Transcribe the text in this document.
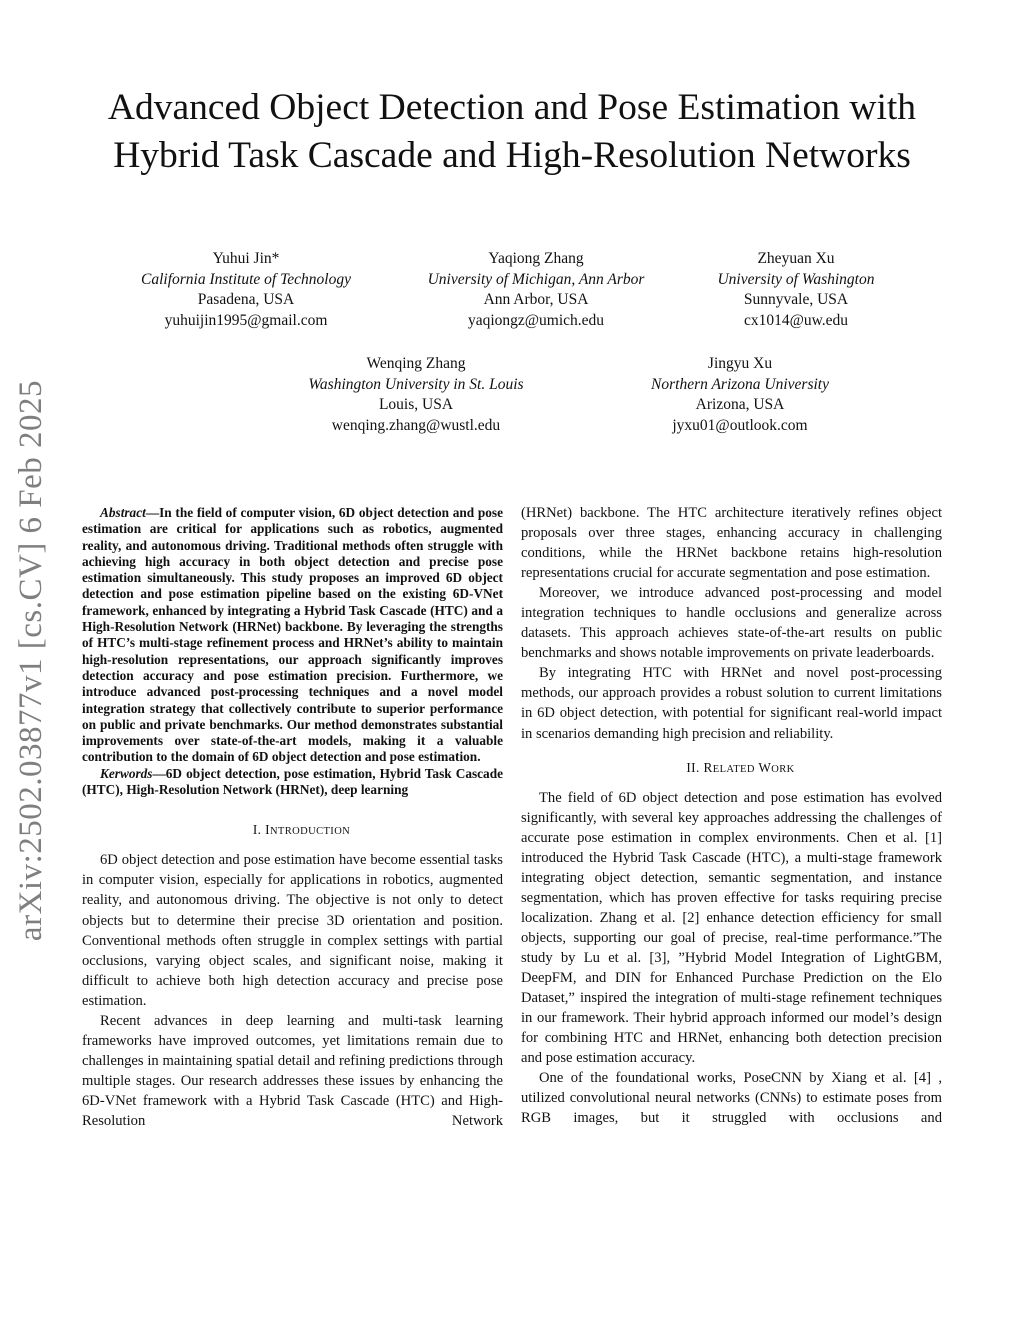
arXiv:2502.03877v1 [cs.CV] 6 Feb 2025
Advanced Object Detection and Pose Estimation with Hybrid Task Cascade and High-Resolution Networks
Yuhui Jin*
California Institute of Technology
Pasadena, USA
yuhuijin1995@gmail.com
Yaqiong Zhang
University of Michigan, Ann Arbor
Ann Arbor, USA
yaqiongz@umich.edu
Zheyuan Xu
University of Washington
Sunnyvale, USA
cx1014@uw.edu
Wenqing Zhang
Washington University in St. Louis
Louis, USA
wenqing.zhang@wustl.edu
Jingyu Xu
Northern Arizona University
Arizona, USA
jyxu01@outlook.com

Abstract—In the field of computer vision, 6D object detection and pose estimation are critical for applications such as robotics, augmented reality, and autonomous driving. Traditional methods often struggle with achieving high accuracy in both object detection and precise pose estimation simultaneously. This study proposes an improved 6D object detection and pose estimation pipeline based on the existing 6D-VNet framework, enhanced by integrating a Hybrid Task Cascade (HTC) and a High-Resolution Network (HRNet) backbone. By leveraging the strengths of HTC’s multi-stage refinement process and HRNet’s ability to maintain high-resolution representations, our approach significantly improves detection accuracy and pose estimation precision. Furthermore, we introduce advanced post-processing techniques and a novel model integration strategy that collectively contribute to superior performance on public and private benchmarks. Our method demonstrates substantial improvements over state-of-the-art models, making it a valuable contribution to the domain of 6D object detection and pose estimation.

Kerwords—6D object detection, pose estimation, Hybrid Task Cascade (HTC), High-Resolution Network (HRNet), deep learning

I. INTRODUCTION

6D object detection and pose estimation have become essential tasks in computer vision, especially for applications in robotics, augmented reality, and autonomous driving. The objective is not only to detect objects but to determine their precise 3D orientation and position. Conventional methods often struggle in complex settings with partial occlusions, varying object scales, and significant noise, making it difficult to achieve both high detection accuracy and precise pose estimation.

Recent advances in deep learning and multi-task learning frameworks have improved outcomes, yet limitations remain due to challenges in maintaining spatial detail and refining predictions through multiple stages. Our research addresses these issues by enhancing the 6D-VNet framework with a Hybrid Task Cascade (HTC) and High-Resolution Network

(HRNet) backbone. The HTC architecture iteratively refines object proposals over three stages, enhancing accuracy in challenging conditions, while the HRNet backbone retains high-resolution representations crucial for accurate segmentation and pose estimation.

Moreover, we introduce advanced post-processing and model integration techniques to handle occlusions and generalize across datasets. This approach achieves state-of-the-art results on public benchmarks and shows notable improvements on private leaderboards.

By integrating HTC with HRNet and novel post-processing methods, our approach provides a robust solution to current limitations in 6D object detection, with potential for significant real-world impact in scenarios demanding high precision and reliability.

II. RELATED WORK

The field of 6D object detection and pose estimation has evolved significantly, with several key approaches addressing the challenges of accurate pose estimation in complex environments. Chen et al. [1] introduced the Hybrid Task Cascade (HTC), a multi-stage framework integrating object detection, semantic segmentation, and instance segmentation, which has proven effective for tasks requiring precise localization. Zhang et al. [2] enhance detection efficiency for small objects, supporting our goal of precise, real-time performance.”The study by Lu et al. [3], ”Hybrid Model Integration of LightGBM, DeepFM, and DIN for Enhanced Purchase Prediction on the Elo Dataset,” inspired the integration of multi-stage refinement techniques in our framework. Their hybrid approach informed our model’s design for combining HTC and HRNet, enhancing both detection precision and pose estimation accuracy.

One of the foundational works, PoseCNN by Xiang et al. [4] , utilized convolutional neural networks (CNNs) to estimate poses from RGB images, but it struggled with occlusions and
